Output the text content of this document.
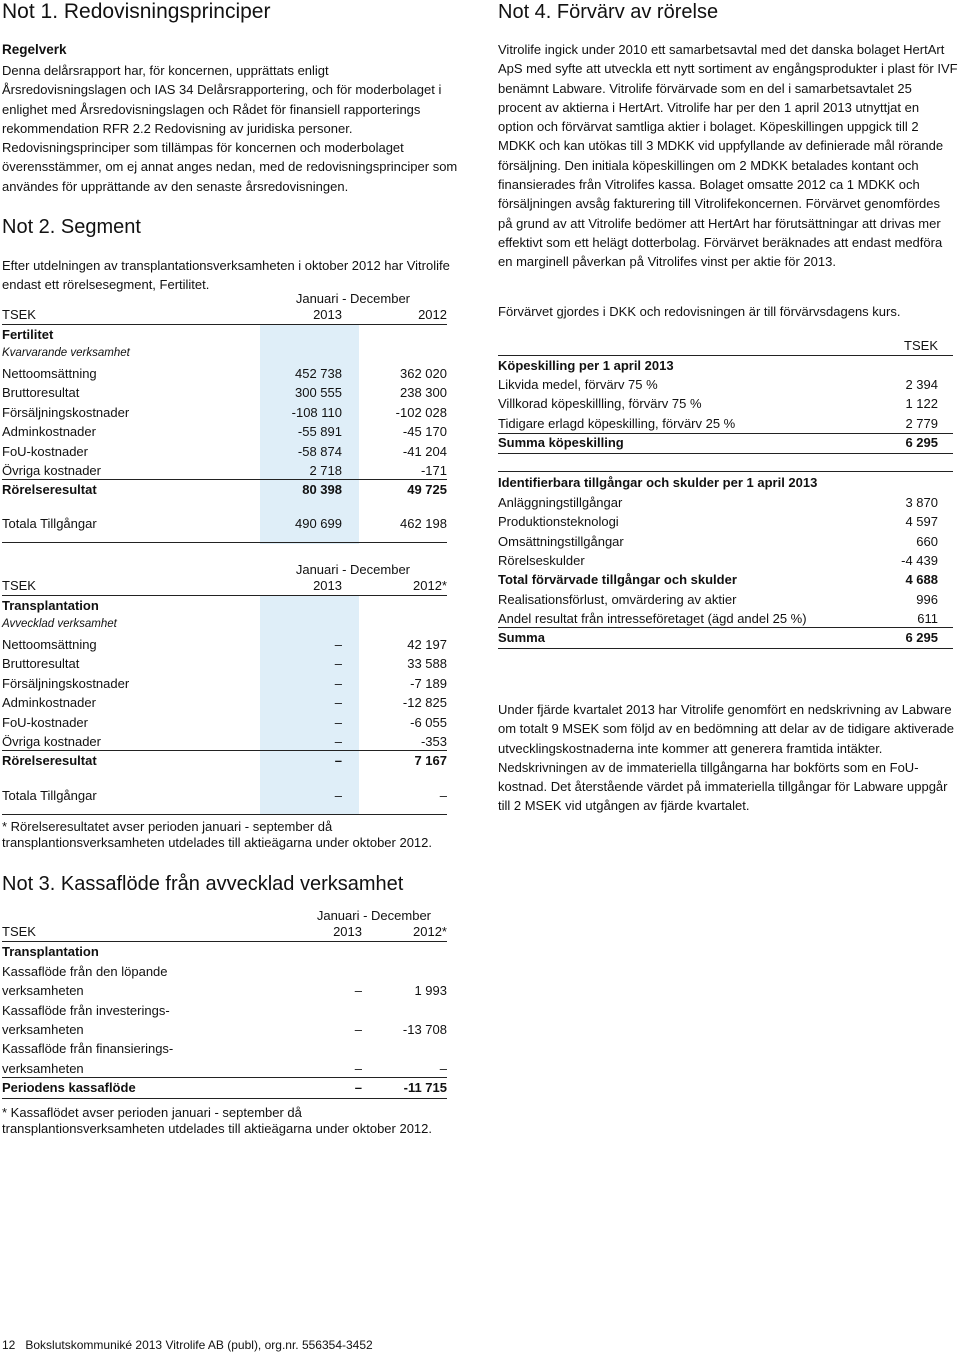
Not 1. Redovisningsprinciper
Regelverk

Denna delårsrapport har, för koncernen, upprättats enligt Årsredovisningslagen och IAS 34 Delårsrapportering, och för moderbolaget i enlighet med Årsredovisningslagen och Rådet för finansiell rapporterings rekommendation RFR 2.2 Redovisning av juridiska personer.

Redovisningsprinciper som tillämpas för koncernen och moderbolaget överensstämmer, om ej annat anges nedan, med de redovisningsprinciper som användes för upprättande av den senaste årsredovisningen.

Not 2. Segment

Efter utdelningen av transplantationsverksamheten i oktober 2012 har Vitrolife endast ett rörelsesegment, Fertilitet.

Januari - December
TSEK	2013	2012
Fertilitet
Kvarvarande verksamhet
Nettoomsättning	452 738	362 020
Bruttoresultat	300 555	238 300
Försäljningskostnader	-108 110	-102 028
Adminkostnader	-55 891	-45 170
FoU-kostnader	-58 874	-41 204
Övriga kostnader	2 718	-171
Rörelseresultat	80 398	49 725
Totala Tillgångar	490 699	462 198
Januari - December
TSEK	2013	2012*
Transplantation
Avvecklad verksamhet
Nettoomsättning	–	42 197
Bruttoresultat	–	33 588
Försäljningskostnader	–	-7 189
Adminkostnader	–	-12 825
FoU-kostnader	–	-6 055
Övriga kostnader	–	-353
Rörelseresultat	–	7 167
Totala Tillgångar	–	–

* Rörelseresultatet avser perioden januari - september då transplantionsverksamheten utdelades till aktieägarna under oktober 2012.

Not 3. Kassaflöde från avvecklad verksamhet
Januari - December
TSEK	2013	2012*
Transplantation
Kassaflöde från den löpande
verksamheten	–	1 993
Kassaflöde från investerings-
verksamheten	–	-13 708
Kassaflöde från finansierings-
verksamheten	–	–
Periodens kassaflöde	–	-11 715

* Kassaflödet avser perioden januari - september då transplantionsverksamheten utdelades till aktieägarna under oktober 2012.

Not 4. Förvärv av rörelse

Vitrolife ingick under 2010 ett samarbetsavtal med det danska bolaget HertArt ApS med syfte att utveckla ett nytt sortiment av engångsprodukter i plast för IVF benämnt Labware. Vitrolife förvärvade som en del i samarbetsavtalet 25 procent av aktierna i HertArt. Vitrolife har per den 1 april 2013 utnyttjat en option och förvärvat samtliga aktier i bolaget. Köpeskillingen uppgick till 2 MDKK och kan utökas till 3 MDKK vid uppfyllande av definierade mål rörande försäljning. Den initiala köpeskillingen om 2 MDKK betalades kontant och finansierades från Vitrolifes kassa. Bolaget omsatte 2012 ca 1 MDKK och försäljningen avsåg fakturering till Vitrolifekoncernen. Förvärvet genomfördes på grund av att Vitrolife bedömer att HertArt har förutsättningar att drivas mer effektivt som ett helägt dotterbolag. Förvärvet beräknades att endast medföra en marginell påverkan på Vitrolifes vinst per aktie för 2013.

Förvärvet gjordes i DKK och redovisningen är till förvärvsdagens kurs.

TSEK
Köpeskilling per 1 april 2013
Likvida medel, förvärv 75 %	2 394
Villkorad köpeskillling, förvärv 75 %	1 122
Tidigare erlagd köpeskilling, förvärv 25 %	2 779
Summa köpeskilling	6 295
Identifierbara tillgångar och skulder per 1 april 2013
Anläggningstillgångar	3 870
Produktionsteknologi	4 597
Omsättningstillgångar	660
Rörelseskulder	-4 439
Total förvärvade tillgångar och skulder	4 688
Realisationsförlust, omvärdering av aktier	996
Andel resultat från intresseföretaget (ägd andel 25 %)	611
Summa	6 295

Under fjärde kvartalet 2013 har Vitrolife genomfört en nedskrivning av Labware om totalt 9 MSEK som följd av en bedömning att delar av de tidigare aktiverade utvecklingskostnaderna inte kommer att generera framtida intäkter. Nedskrivningen av de immateriella tillgångarna har bokförts som en FoU-kostnad. Det återstående värdet på immateriella tillgångar för Labware uppgår till 2 MSEK vid utgången av fjärde kvartalet.

12 Bokslutskommuniké 2013 Vitrolife AB (publ), org.nr. 556354-3452
